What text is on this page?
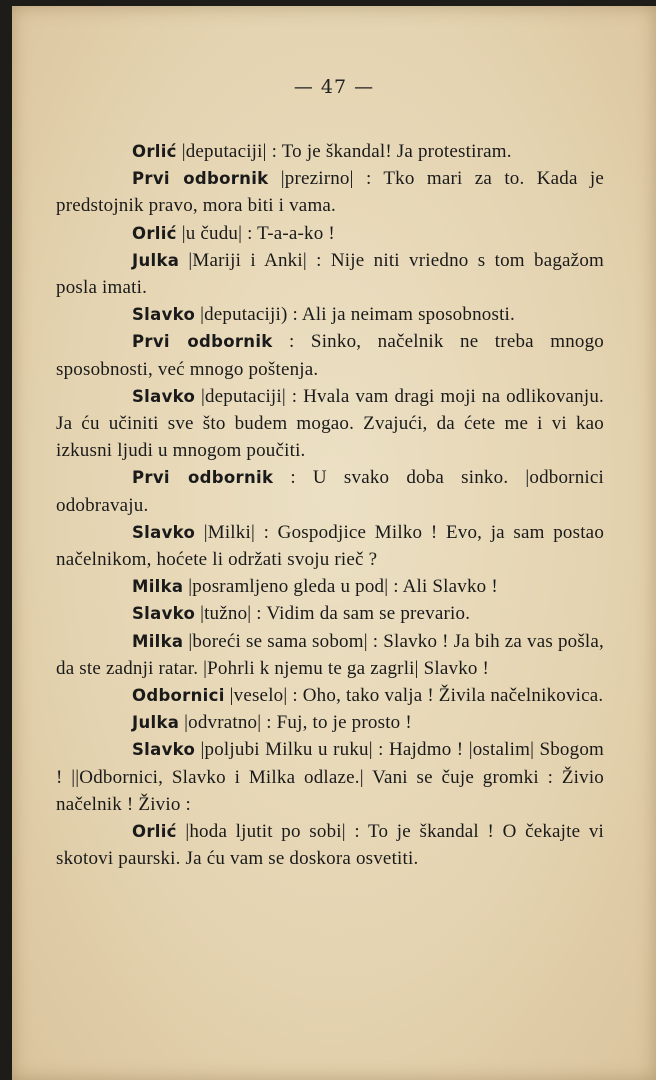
— 47 —

Orlić |deputaciji| : To je škandal! Ja protestiram.

Prvi odbornik |prezirno| : Tko mari za to. Kada je predstojnik pravo, mora biti i vama.

Orlić |u čudu| : T-a-a-ko !

Julka |Mariji i Anki| : Nije niti vriedno s tom bagažom posla imati.

Slavko |deputaciji) : Ali ja neimam sposobnosti.

Prvi odbornik : Sinko, načelnik ne treba mnogo sposobnosti, već mnogo poštenja.

Slavko |deputaciji| : Hvala vam dragi moji na odlikovanju. Ja ću učiniti sve što budem mogao. Zvajući, da ćete me i vi kao izkusni ljudi u mnogom poučiti.

Prvi odbornik : U svako doba sinko. |odbornici odobravaju.

Slavko |Milki| : Gospodjice Milko ! Evo, ja sam postao načelnikom, hoćete li održati svoju rieč ?

Milka |posramljeno gleda u pod| : Ali Slavko !

Slavko |tužno| : Vidim da sam se prevario.

Milka |boreći se sama sobom| : Slavko ! Ja bih za vas pošla, da ste zadnji ratar. |Pohrli k njemu te ga zagrli| Slavko !

Odbornici |veselo| : Oho, tako valja ! Živila načelnikovica.

Julka |odvratno| : Fuj, to je prosto !

Slavko |poljubi Milku u ruku| : Hajdmo ! |ostalim| Sbogom ! ||Odbornici, Slavko i Milka odlaze.| Vani se čuje gromki : Živio načelnik ! Živio :

Orlić |hoda ljutit po sobi| : To je škandal ! O čekajte vi skotovi paurski. Ja ću vam se doskora osvetiti.
